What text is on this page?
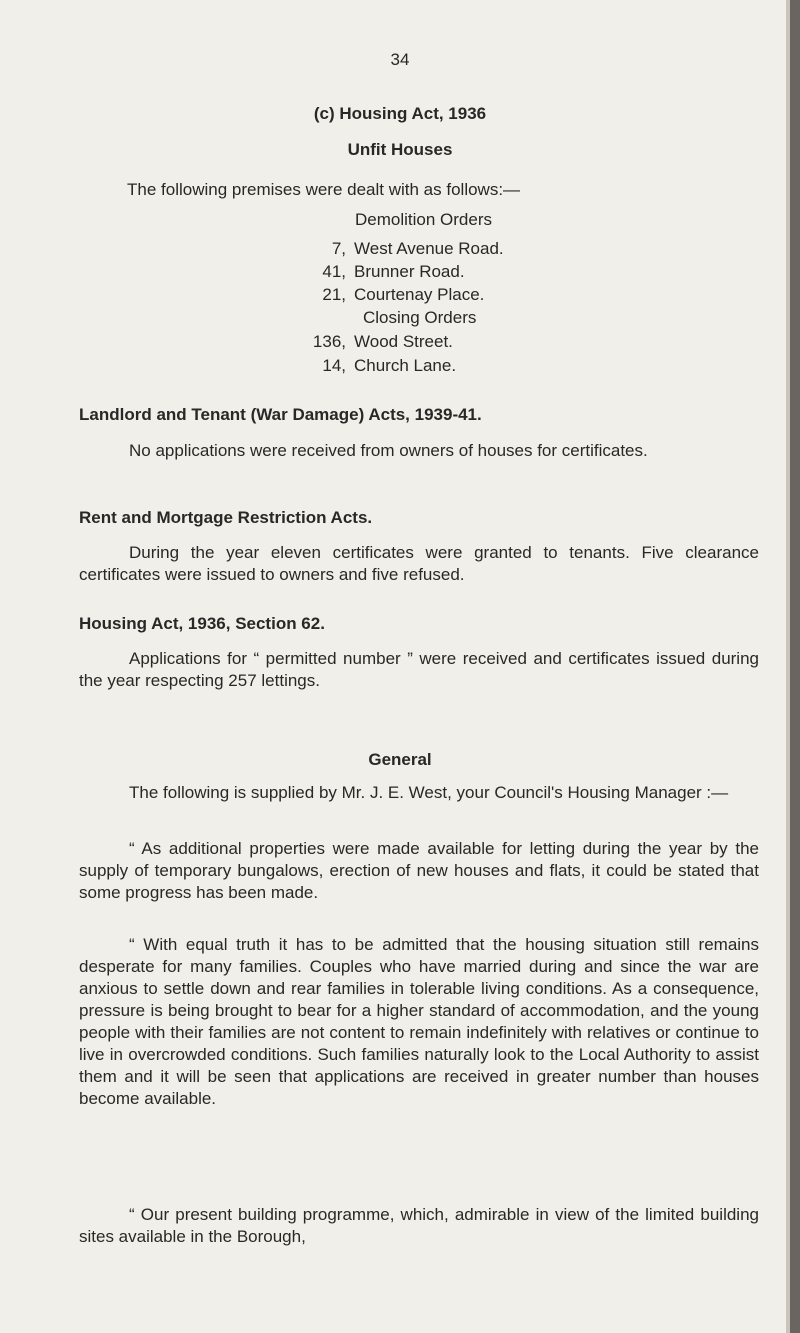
34
(c) Housing Act, 1936
Unfit Houses
The following premises were dealt with as follows:—
Demolition Orders
7, West Avenue Road.
41, Brunner Road.
21, Courtenay Place.
Closing Orders
136, Wood Street.
14, Church Lane.
Landlord and Tenant (War Damage) Acts, 1939-41.

No applications were received from owners of houses for certificates.

Rent and Mortgage Restriction Acts.

During the year eleven certificates were granted to tenants. Five clearance certificates were issued to owners and five refused.

Housing Act, 1936, Section 62.

Applications for “ permitted number ” were received and certificates issued during the year respecting 257 lettings.

General

The following is supplied by Mr. J. E. West, your Council's Housing Manager :—

“ As additional properties were made available for letting during the year by the supply of temporary bungalows, erection of new houses and flats, it could be stated that some progress has been made.

“ With equal truth it has to be admitted that the housing situation still remains desperate for many families. Couples who have married during and since the war are anxious to settle down and rear families in tolerable living conditions. As a consequence, pressure is being brought to bear for a higher standard of accommodation, and the young people with their families are not content to remain indefinitely with relatives or continue to live in overcrowded conditions. Such families naturally look to the Local Authority to assist them and it will be seen that applications are received in greater number than houses become available.

“ Our present building programme, which, admirable in view of the limited building sites available in the Borough,
